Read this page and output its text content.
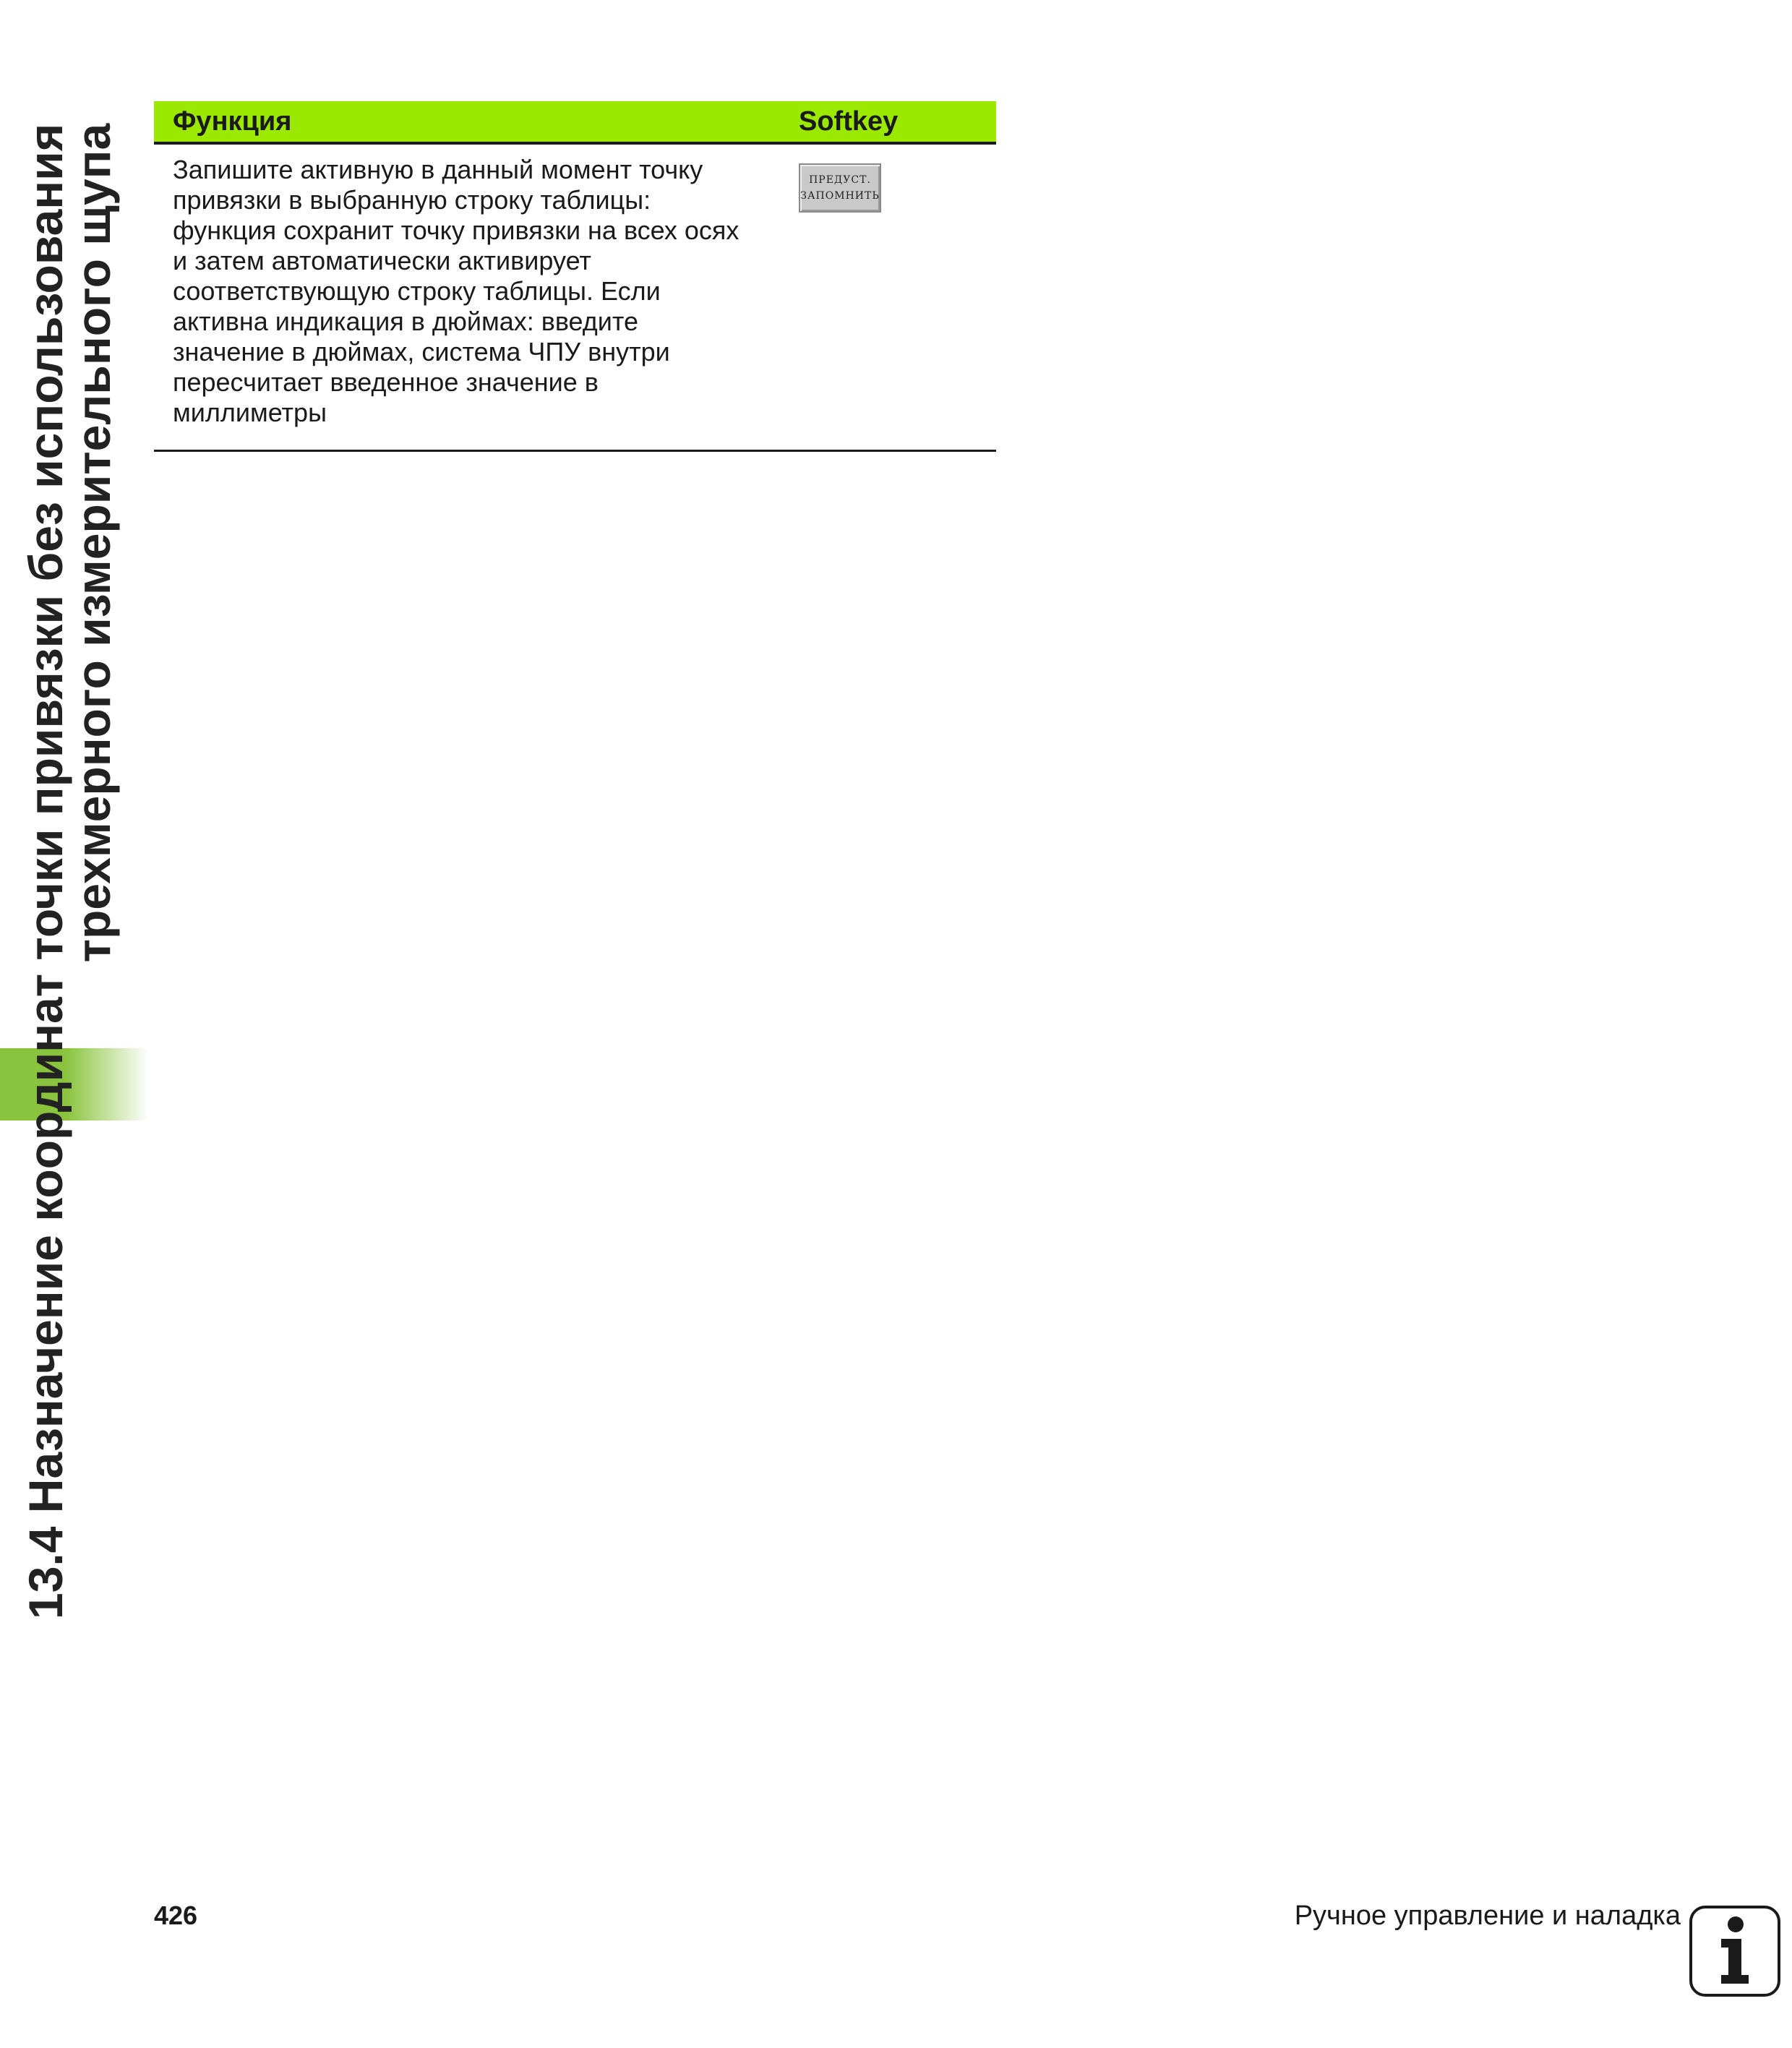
13.4 Назначение координат точки привязки без использования
трехмерного измерительного щупа
Функция	Softkey
Запишите активную в данный момент точку
привязки в выбранную строку таблицы:
функция сохранит точку привязки на всех осях
и затем автоматически активирует
соответствующую строку таблицы. Если
активна индикация в дюймах: введите
значение в дюймах, система ЧПУ внутри
пересчитает введенное значение в
миллиметры
ПРЕДУСТ.
ЗАПОМНИТЬ
426	Ручное управление и наладка
